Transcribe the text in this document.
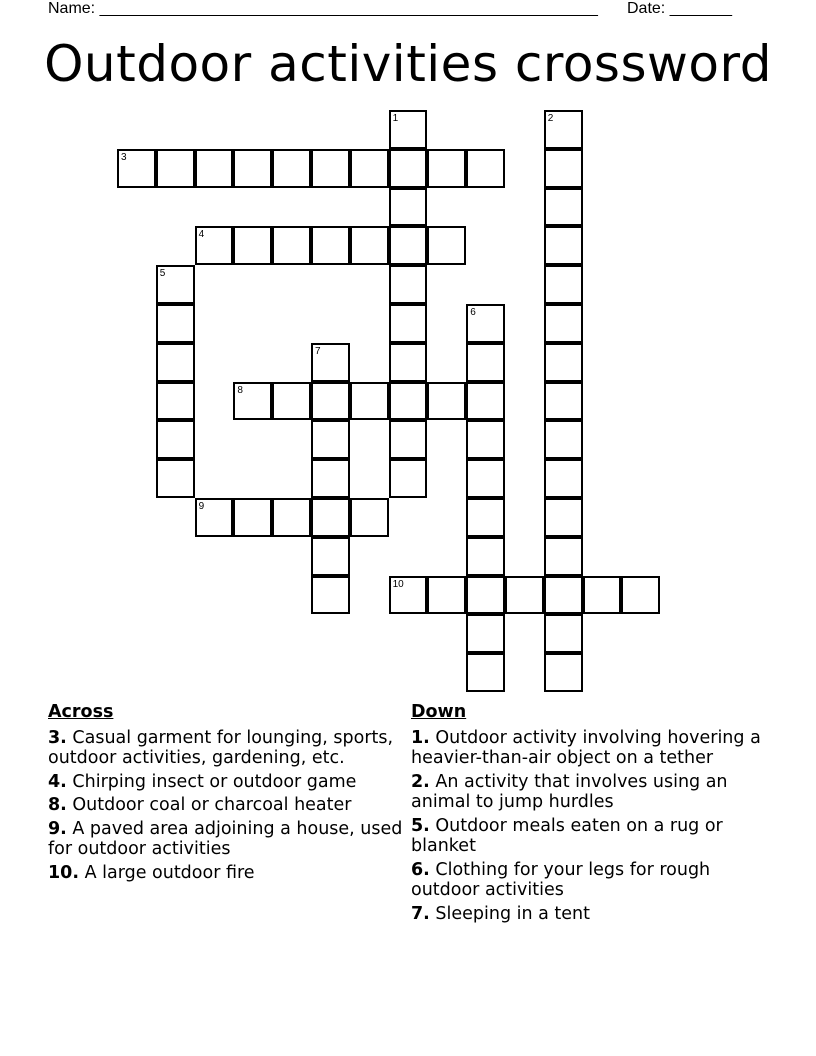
Name: ________________________________________________________ Date: _______
Outdoor activities crossword
1	2
3
4
5
6
7
8
9
10
Across
3. Casual garment for lounging, sports, outdoor activities, gardening, etc.
4. Chirping insect or outdoor game
8. Outdoor coal or charcoal heater
9. A paved area adjoining a house, used for outdoor activities
10. A large outdoor fire
Down
1. Outdoor activity involving hovering a heavier-than-air object on a tether
2. An activity that involves using an animal to jump hurdles
5. Outdoor meals eaten on a rug or blanket
6. Clothing for your legs for rough outdoor activities
7. Sleeping in a tent
